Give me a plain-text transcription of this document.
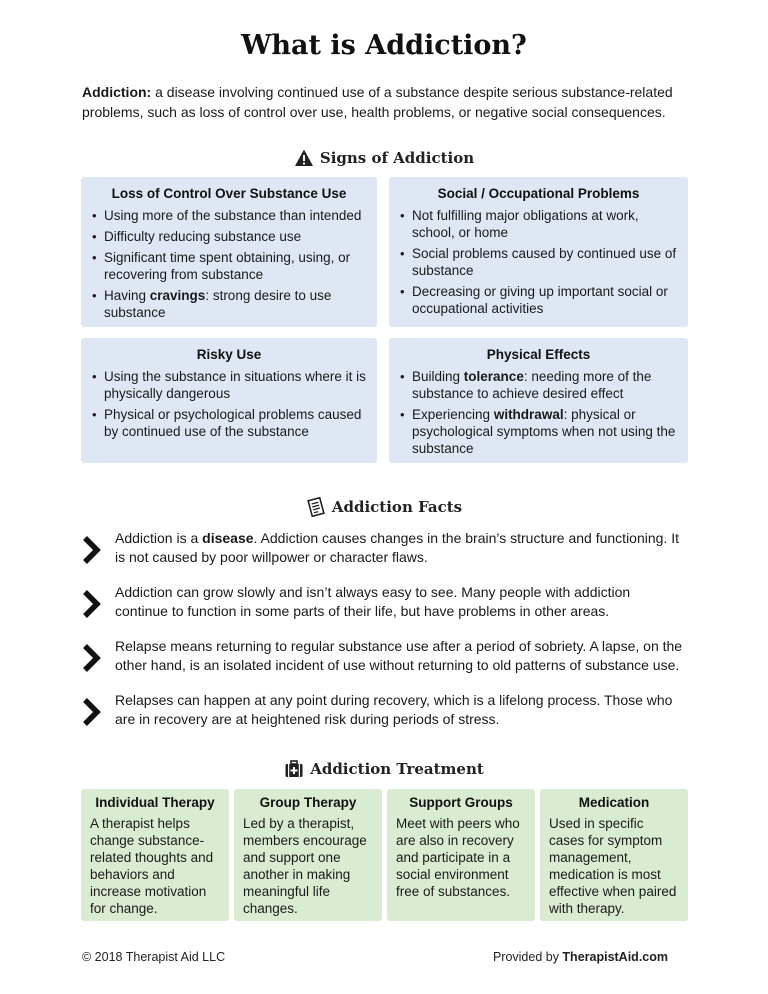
What is Addiction?

Addiction: a disease involving continued use of a substance despite serious substance-related problems, such as loss of control over use, health problems, or negative social consequences.

Signs of Addiction
Loss of Control Over Substance Use
• Using more of the substance than intended
• Difficulty reducing substance use
• Significant time spent obtaining, using, or recovering from substance
• Having cravings: strong desire to use substance
Social / Occupational Problems
• Not fulfilling major obligations at work, school, or home
• Social problems caused by continued use of substance
• Decreasing or giving up important social or occupational activities
Risky Use
• Using the substance in situations where it is physically dangerous
• Physical or psychological problems caused by continued use of the substance
Physical Effects
• Building tolerance: needing more of the substance to achieve desired effect
• Experiencing withdrawal: physical or psychological symptoms when not using the substance
Addiction Facts

Addiction is a disease. Addiction causes changes in the brain’s structure and functioning. It is not caused by poor willpower or character flaws.

Addiction can grow slowly and isn’t always easy to see. Many people with addiction continue to function in some parts of their life, but have problems in other areas.

Relapse means returning to regular substance use after a period of sobriety. A lapse, on the other hand, is an isolated incident of use without returning to old patterns of substance use.

Relapses can happen at any point during recovery, which is a lifelong process. Those who are in recovery are at heightened risk during periods of stress.

Addiction Treatment
Individual Therapy

A therapist helps change substance-related thoughts and behaviors and increase motivation for change.

Group Therapy

Led by a therapist, members encourage and support one another in making meaningful life changes.

Support Groups

Meet with peers who are also in recovery and participate in a social environment free of substances.

Medication

Used in specific cases for symptom management, medication is most effective when paired with therapy.

© 2018 Therapist Aid LLC	Provided by TherapistAid.com
